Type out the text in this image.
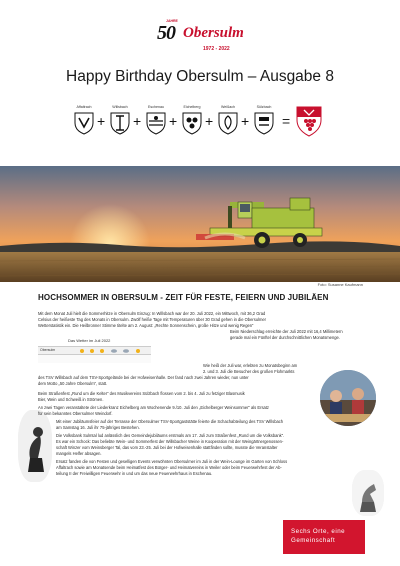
50
JAHRE
Obersulm
1972 - 2022
Happy Birthday Obersulm – Ausgabe 8
Affaltrach
+
Willsbach
+
Eschenau
+
Eichelberg
+
Weißach
+
Sülzbach
=
Foto: Susanne Kaufmann
HOCHSOMMER IN OBERSULM - ZEIT FÜR FESTE, FEIERN UND JUBILÄEN
Mit dem Monat Juli hielt die Sommerhitze in Obersulm Einzug: In Willsbach war der 20. Juli 2022, ein Mittwoch, mit 36,2 Grad
Celsius der heißeste Tag des Monats in Obersulm. Zwölf heiße Tage mit Temperaturen über 30 Grad gehen in die Obersulmer
Wetterstatistik ein. Die Heilbronner Stimme titelte am 2. August: „Rechte Sonnenschein, große Hitze und wenig Regen“
Beim Niederschlag erreichte der Juli 2022 mit 16,4 Millimetern
gerade mal ein Fünftel der durchschnittlichen Monatsmenge.
Das Wetter im Juli 2022
Obersulm
Wie heiß der Juli war, erlebten zu Monatsbeginn am
2. und 3. Juli die Besucher des großen Flohmarkts
des TSV Willsbach auf dem TSV-Sportgelände bei der Hofweisenhalle. Der fand nach zwei Jahren wieder, nun unter
dem Motto „50 Jahre Obersulm“, statt.
Beim Straßenfest „Rund um die Kelter“ des Musikvereins Sülzbach flossen vom 2. bis 4. Juli zu fetziger Blasmusik
Bier, Wein und Schweiß in Strömen.
An zwei Tagen veranstaltete der Liederkranz Eichelberg am Wochenende 9./10. Juli den „Eichelberger Weinsommer“ als Ersatz
für sein bekanntes Obersulmer Weindorf.
Mit einer Jubiläumsfeier auf der Terrasse der Obersulmer TSV-Sportgaststätte feierte die Schachabteilung des TSV Willsbach
am Samstag 16. Juli ihr 75-jähriges Bestehen.
Die Volksbank Sulmtal lud anlässlich des Gemeindejubiläums erstmals am 17. Juli zum Straßenfest „Rund um die Volksbank“.
Es war ein Schock: Das beliebte Wein- und Sommerfest der Willsbacher Weine in Kooperation mit der Weingärtnergenossen-
schaft Winzer vom Weinsberger Tal, das vom 23.-25. Juli bei der Hofweisenhalle stattfinden sollte, musste die Veranstalter
mangels Helfer absagen.
Ersatz fanden die von Festen und geselligen Events verwöhnten Obersulmer im Juli in der Wein-Lounge im Garten von Schloss
Affaltrach sowie am Monatsende beim Heimatfest des Bürger- und Heimatvereins in Weiler oder beim Feuerwehrfest der Ab-
teilung II der Freiwilligen Feuerwehr in und um das neue Feuerwehrhaus in Eschenau.
Sechs Orte, eine
Gemeinschaft
